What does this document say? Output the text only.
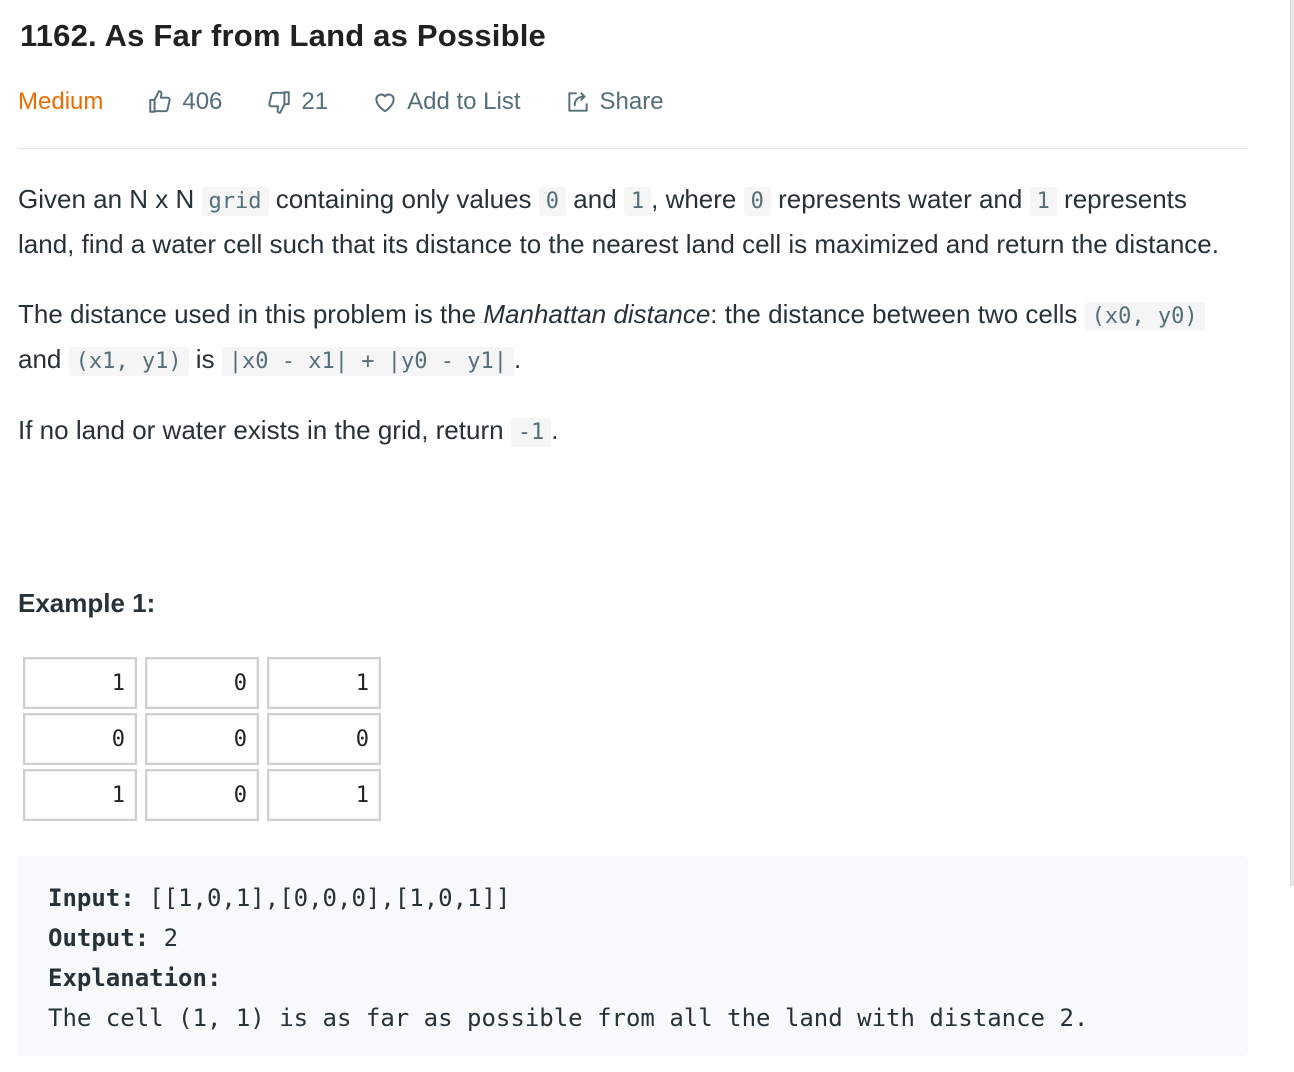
1162. As Far from Land as Possible
Medium	406	21	Add to List	Share

Given an N x N grid containing only values 0 and 1 , where 0 represents water and 1 represents land, find a water cell such that its distance to the nearest land cell is maximized and return the distance.

The distance used in this problem is the Manhattan distance: the distance between two cells (x0, y0) and (x1, y1) is |x0 - x1| + |y0 - y1| .

If no land or water exists in the grid, return -1 .

Example 1:
1	0	1
0	0	0
1	0	1
Input: [[1,0,1],[0,0,0],[1,0,1]]
Output: 2
Explanation:
The cell (1, 1) is as far as possible from all the land with distance 2.
